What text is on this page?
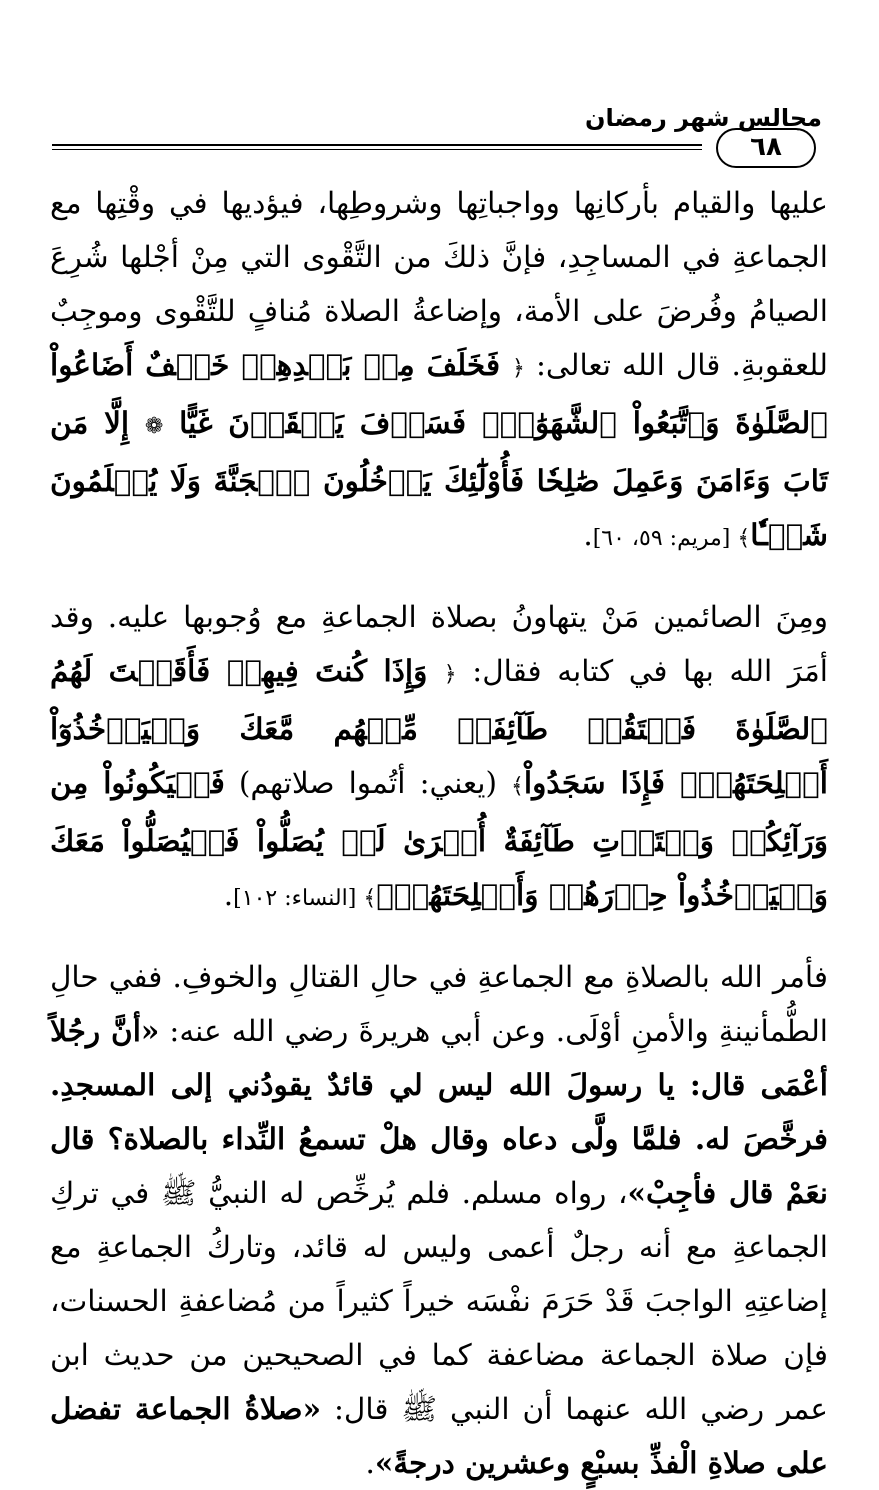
مجالس شهر رمضان
٦٨

عليها والقيام بأركانِها وواجباتِها وشروطِها، فيؤديها في وقْتِها مع الجماعةِ في المساجِدِ، فإنَّ ذلكَ من التَّقْوى التي مِنْ أجْلها شُرِعَ الصيامُ وفُرضَ على الأمة، وإضاعةُ الصلاة مُنافٍ للتَّقْوى وموجِبٌ للعقوبةِ. قال الله تعالى: ﴿ فَخَلَفَ مِنۢ بَعۡدِهِمۡ خَلۡفٌ أَضَاعُواْ ٱلصَّلَوٰةَ وَٱتَّبَعُواْ ٱلشَّهَوَٰتِۖ فَسَوۡفَ يَلۡقَوۡنَ غَيًّا ❁ إِلَّا مَن تَابَ وَءَامَنَ وَعَمِلَ صَٰلِحٗا فَأُوْلَٰٓئِكَ يَدۡخُلُونَ ٱلۡجَنَّةَ وَلَا يُظۡلَمُونَ شَيۡـٔٗا﴾ [مريم: ٥٩، ٦٠].

ومِنَ الصائمين مَنْ يتهاونُ بصلاة الجماعةِ مع وُجوبها عليه. وقد أمَرَ الله بها في كتابه فقال: ﴿ وَإِذَا كُنتَ فِيهِمۡ فَأَقَمۡتَ لَهُمُ ٱلصَّلَوٰةَ فَلۡتَقُمۡ طَآئِفَةٞ مِّنۡهُم مَّعَكَ وَلۡيَأۡخُذُوٓاْ أَسۡلِحَتَهُمۡۖ فَإِذَا سَجَدُواْ﴾ (يعني: أتُموا صلاتهم) فَلۡيَكُونُواْ مِن وَرَآئِكُمۡ وَلۡتَأۡتِ طَآئِفَةٌ أُخۡرَىٰ لَمۡ يُصَلُّواْ فَلۡيُصَلُّواْ مَعَكَ وَلۡيَأۡخُذُواْ حِذۡرَهُمۡ وَأَسۡلِحَتَهُمۡۗ﴾ [النساء: ١٠٢].

فأمر الله بالصلاةِ مع الجماعةِ في حالِ القتالِ والخوفِ. ففي حالِ الطُّمأنينةِ والأمنِ أوْلَى. وعن أبي هريرةَ رضي الله عنه: «أنَّ رجُلاً أعْمَى قال: يا رسولَ الله ليس لي قائدٌ يقودُني إلى المسجدِ. فرخَّصَ له. فلمَّا ولَّى دعاه وقال هلْ تسمعُ النِّداء بالصلاة؟ قال نعَمْ قال فأجِبْ»، رواه مسلم. فلم يُرخِّص له النبيُّ ﷺ في تركِ الجماعةِ مع أنه رجلٌ أعمى وليس له قائد، وتاركُ الجماعةِ مع إضاعتِهِ الواجبَ قَدْ حَرَمَ نفْسَه خيراً كثيراً من مُضاعفةِ الحسنات، فإن صلاة الجماعة مضاعفة كما في الصحيحين من حديث ابن عمر رضي الله عنهما أن النبي ﷺ قال: «صلاةُ الجماعة تفضل على صلاةِ الْفذِّ بسبْعٍ وعشرين درجةً».
